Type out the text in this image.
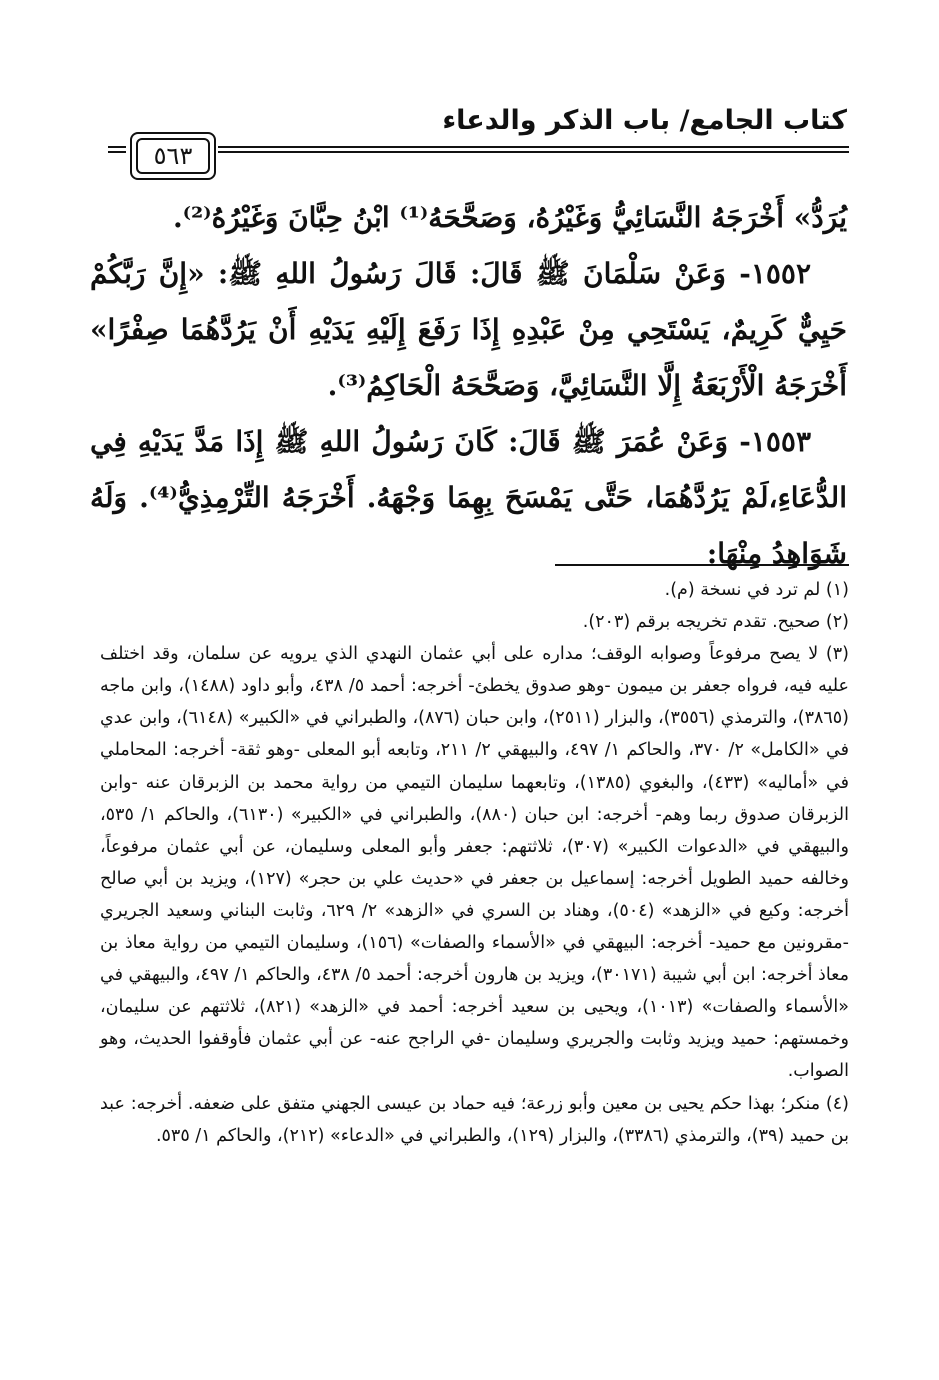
كتاب الجامع/ باب الذكر والدعاء
٥٦٣

يُرَدُّ» أَخْرَجَهُ النَّسَائِيُّ وَغَيْرُهُ، وَصَحَّحَهُ⁽¹⁾ ابْنُ حِبَّانَ وَغَيْرُهُ⁽²⁾.

١٥٥٢- وَعَنْ سَلْمَانَ ﷺ قَالَ: قَالَ رَسُولُ اللهِ ﷺ: «إِنَّ رَبَّكُمْ حَيِيٌّ كَرِيمٌ، يَسْتَحِي مِنْ عَبْدِهِ إِذَا رَفَعَ إِلَيْهِ يَدَيْهِ أَنْ يَرُدَّهُمَا صِفْرًا» أَخْرَجَهُ الْأَرْبَعَةُ إِلَّا النَّسَائِيَّ، وَصَحَّحَهُ الْحَاكِمُ⁽³⁾.

١٥٥٣- وَعَنْ عُمَرَ ﷺ قَالَ: كَانَ رَسُولُ اللهِ ﷺ إِذَا مَدَّ يَدَيْهِ فِي الدُّعَاءِ،لَمْ يَرُدَّهُمَا، حَتَّى يَمْسَحَ بِهِمَا وَجْهَهُ. أَخْرَجَهُ التِّرْمِذِيُّ⁽⁴⁾. وَلَهُ شَوَاهِدُ مِنْهَا:

(١) لم ترد في نسخة (م).

(٢) صحيح. تقدم تخريجه برقم (٢٠٣).

(٣) لا يصح مرفوعاً وصوابه الوقف؛ مداره على أبي عثمان النهدي الذي يرويه عن سلمان، وقد اختلف عليه فيه، فرواه جعفر بن ميمون -وهو صدوق يخطئ- أخرجه: أحمد ٥/ ٤٣٨، وأبو داود (١٤٨٨)، وابن ماجه (٣٨٦٥)، والترمذي (٣٥٥٦)، والبزار (٢٥١١)، وابن حبان (٨٧٦)، والطبراني في «الكبير» (٦١٤٨)، وابن عدي في «الكامل» ٢/ ٣٧٠، والحاكم ١/ ٤٩٧، والبيهقي ٢/ ٢١١، وتابعه أبو المعلى -وهو ثقة- أخرجه: المحاملي في «أماليه» (٤٣٣)، والبغوي (١٣٨٥)، وتابعهما سليمان التيمي من رواية محمد بن الزبرقان عنه -وابن الزبرقان صدوق ربما وهم- أخرجه: ابن حبان (٨٨٠)، والطبراني في «الكبير» (٦١٣٠)، والحاكم ١/ ٥٣٥، والبيهقي في «الدعوات الكبير» (٣٠٧)، ثلاثتهم: جعفر وأبو المعلى وسليمان، عن أبي عثمان مرفوعاً، وخالفه حميد الطويل أخرجه: إسماعيل بن جعفر في «حديث علي بن حجر» (١٢٧)، ويزيد بن أبي صالح أخرجه: وكيع في «الزهد» (٥٠٤)، وهناد بن السري في «الزهد» ٢/ ٦٢٩، وثابت البناني وسعيد الجريري -مقرونين مع حميد- أخرجه: البيهقي في «الأسماء والصفات» (١٥٦)، وسليمان التيمي من رواية معاذ بن معاذ أخرجه: ابن أبي شيبة (٣٠١٧١)، ويزيد بن هارون أخرجه: أحمد ٥/ ٤٣٨، والحاكم ١/ ٤٩٧، والبيهقي في «الأسماء والصفات» (١٠١٣)، ويحيى بن سعيد أخرجه: أحمد في «الزهد» (٨٢١)، ثلاثتهم عن سليمان، وخمستهم: حميد ويزيد وثابت والجريري وسليمان -في الراجح عنه- عن أبي عثمان فأوقفوا الحديث، وهو الصواب.

(٤) منكر؛ بهذا حكم يحيى بن معين وأبو زرعة؛ فيه حماد بن عيسى الجهني متفق على ضعفه. أخرجه: عبد بن حميد (٣٩)، والترمذي (٣٣٨٦)، والبزار (١٢٩)، والطبراني في «الدعاء» (٢١٢)، والحاكم ١/ ٥٣٥.
